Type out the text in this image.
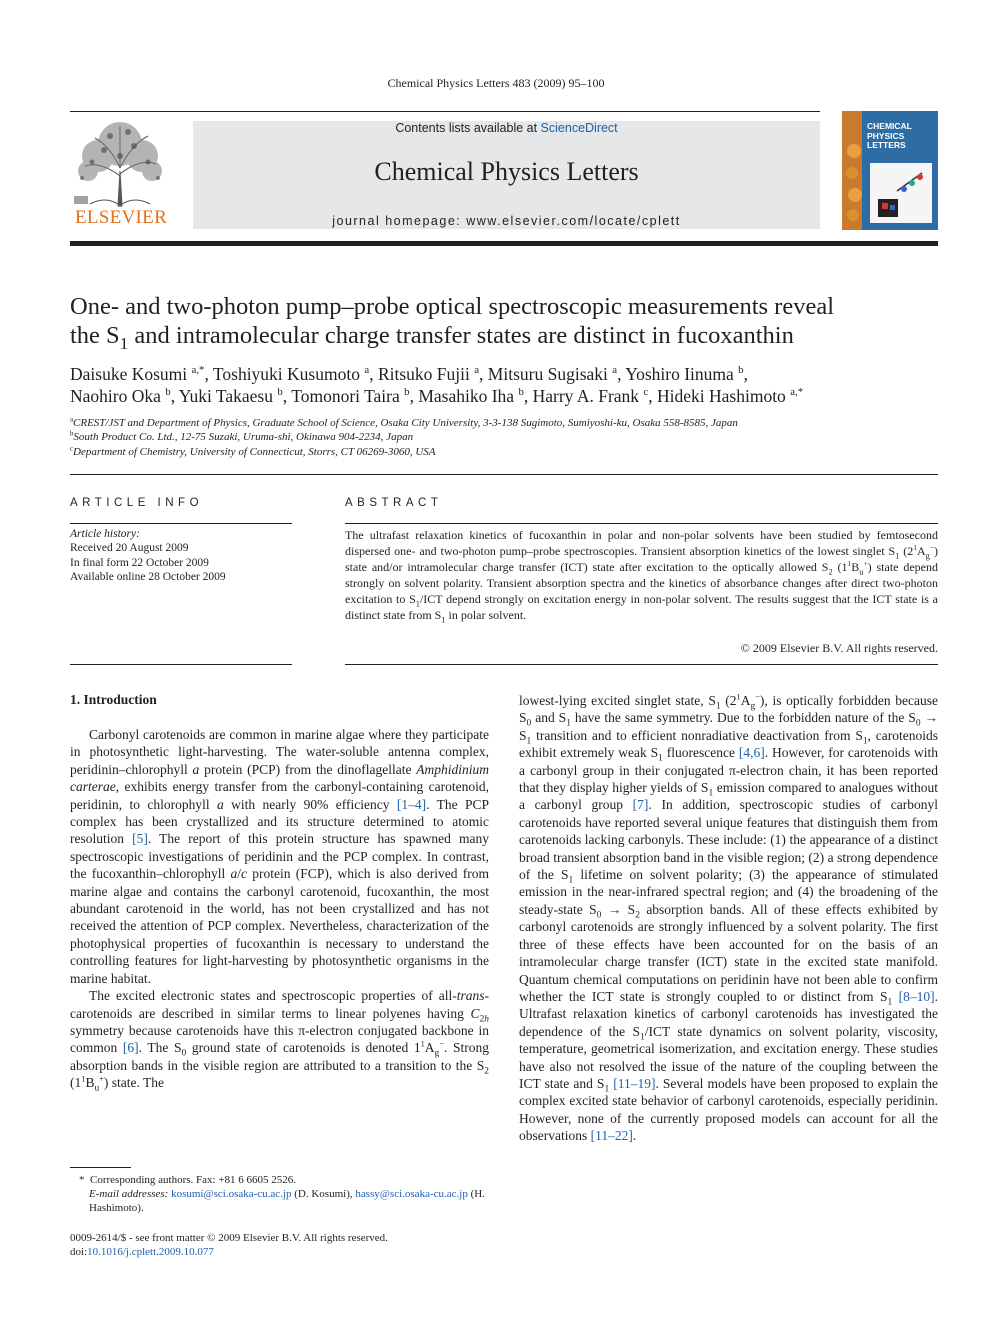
Chemical Physics Letters 483 (2009) 95–100
ELSEVIER
Contents lists available at ScienceDirect
Chemical Physics Letters
journal homepage: www.elsevier.com/locate/cplett
CHEMICAL
PHYSICS
LETTERS
One- and two-photon pump–probe optical spectroscopic measurements reveal
the $S_1$ and intramolecular charge transfer states are distinct in fucoxanthin
Daisuke Kosumi $^{a,*}$, Toshiyuki Kusumoto $^a$, Ritsuko Fujii $^a$, Mitsuru Sugisaki $^a$, Yoshiro Iinuma $^b$,
Naohiro Oka $^b$, Yuki Takaesu $^b$, Tomonori Taira $^b$, Masahiko Iha $^b$, Harry A. Frank $^c$, Hideki Hashimoto $^{a,*}$
$^a$CREST/JST and Department of Physics, Graduate School of Science, Osaka City University, 3-3-138 Sugimoto, Sumiyoshi-ku, Osaka 558-8585, Japan
$^b$South Product Co. Ltd., 12-75 Suzaki, Uruma-shi, Okinawa 904-2234, Japan
$^c$Department of Chemistry, University of Connecticut, Storrs, CT 06269-3060, USA
ARTICLE INFO
Article history:
Received 20 August 2009
In final form 22 October 2009
Available online 28 October 2009
ABSTRACT
The ultrafast relaxation kinetics of fucoxanthin in polar and non-polar solvents have been studied by femtosecond dispersed one- and two-photon pump–probe spectroscopies. Transient absorption kinetics of the lowest singlet $S_1$ $(2^1A_g^-)$ state and/or intramolecular charge transfer (ICT) state after excitation to the optically allowed $S_2$ $(1^1B_u^+)$ state depend strongly on solvent polarity. Transient absorption spectra and the kinetics of absorbance changes after direct two-photon excitation to $S_1$/ICT depend strongly on excitation energy in non-polar solvent. The results suggest that the ICT state is a distinct state from $S_1$ in polar solvent.
© 2009 Elsevier B.V. All rights reserved.
1. Introduction

Carbonyl carotenoids are common in marine algae where they participate in photosynthetic light-harvesting. The water-soluble antenna complex, peridinin–chlorophyll a protein (PCP) from the dinoflagellate Amphidinium carterae, exhibits energy transfer from the carbonyl-containing carotenoid, peridinin, to chlorophyll a with nearly 90% efficiency [1–4]. The PCP complex has been crystallized and its structure determined to atomic resolution [5]. The report of this protein structure has spawned many spectroscopic investigations of peridinin and the PCP complex. In contrast, the fucoxanthin–chlorophyll a/c protein (FCP), which is also derived from marine algae and contains the carbonyl carotenoid, fucoxanthin, the most abundant carotenoid in the world, has not been crystallized and has not received the attention of PCP complex. Nevertheless, characterization of the photophysical properties of fucoxanthin is necessary to understand the controlling features for light-harvesting by photosynthetic organisms in the marine habitat.

The excited electronic states and spectroscopic properties of all-trans-carotenoids are described in similar terms to linear polyenes having $C_{2h}$ symmetry because carotenoids have this π-electron conjugated backbone in common [6]. The $S_0$ ground state of carotenoids is denoted $1^1A_g^-$. Strong absorption bands in the visible region are attributed to a transition to the $S_2$ $(1^1B_u^+)$ state. The

lowest-lying excited singlet state, $S_1$ $(2^1A_g^-)$, is optically forbidden because $S_0$ and $S_1$ have the same symmetry. Due to the forbidden nature of the $S_0 \to S_1$ transition and to efficient nonradiative deactivation from $S_1$, carotenoids exhibit extremely weak $S_1$ fluorescence [4,6]. However, for carotenoids with a carbonyl group in their conjugated π-electron chain, it has been reported that they display higher yields of $S_1$ emission compared to analogues without a carbonyl group [7]. In addition, spectroscopic studies of carbonyl carotenoids have reported several unique features that distinguish them from carotenoids lacking carbonyls. These include: (1) the appearance of a distinct broad transient absorption band in the visible region; (2) a strong dependence of the $S_1$ lifetime on solvent polarity; (3) the appearance of stimulated emission in the near-infrared spectral region; and (4) the broadening of the steady-state $S_0 \to S_2$ absorption bands. All of these effects exhibited by carbonyl carotenoids are strongly influenced by a solvent polarity. The first three of these effects have been accounted for on the basis of an intramolecular charge transfer (ICT) state in the excited state manifold. Quantum chemical computations on peridinin have not been able to confirm whether the ICT state is strongly coupled to or distinct from $S_1$ [8–10]. Ultrafast relaxation kinetics of carbonyl carotenoids has investigated the dependence of the $S_1$/ICT state dynamics on solvent polarity, viscosity, temperature, geometrical isomerization, and excitation energy. These studies have also not resolved the issue of the nature of the coupling between the ICT state and $S_1$ [11–19]. Several models have been proposed to explain the complex excited state behavior of carbonyl carotenoids, especially peridinin. However, none of the currently proposed models can account for all the observations [11–22].

* Corresponding authors. Fax: +81 6 6605 2526.
E-mail addresses: kosumi@sci.osaka-cu.ac.jp (D. Kosumi), hassy@sci.osaka-cu.ac.jp (H. Hashimoto).
0009-2614/$ - see front matter © 2009 Elsevier B.V. All rights reserved.
doi:10.1016/j.cplett.2009.10.077
